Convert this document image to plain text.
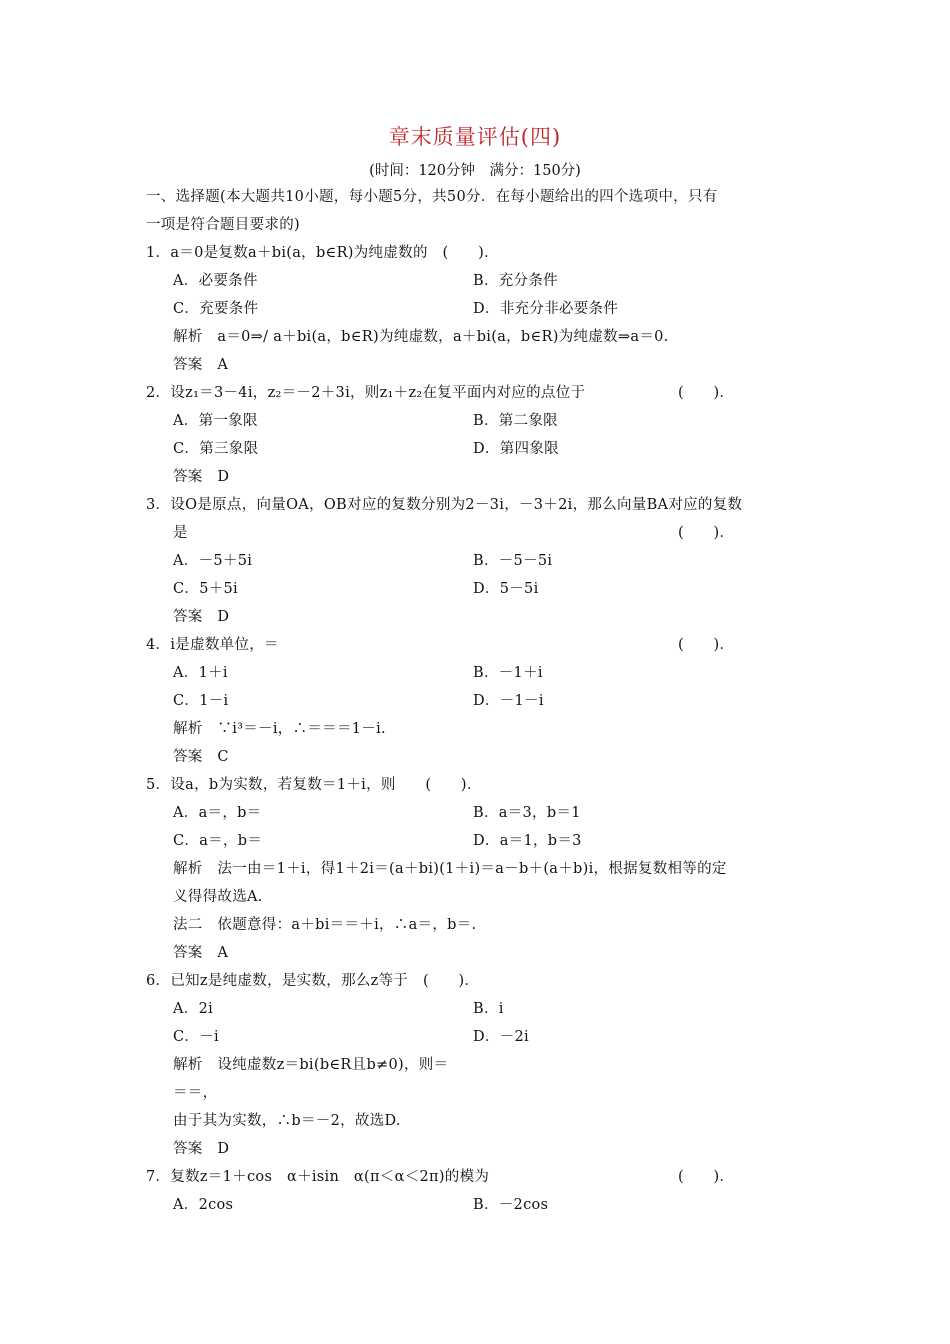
章末质量评估(四)
(时间：120分钟　满分：150分)
一、选择题(本大题共10小题，每小题5分，共50分．在每小题给出的四个选项中，只有
一项是符合题目要求的)
1．a＝0是复数a＋bi(a，b∈R)为纯虚数的　(　　)．
A．必要条件	B．充分条件
C．充要条件	D．非充分非必要条件
解析　a＝0⇒/ a＋bi(a，b∈R)为纯虚数，a＋bi(a，b∈R)为纯虚数⇒a＝0.
答案　A
2．设z₁＝3－4i，z₂＝－2＋3i，则z₁＋z₂在复平面内对应的点位于	(　　)．
A．第一象限	B．第二象限
C．第三象限	D．第四象限
答案　D
3．设O是原点，向量OA，OB对应的复数分别为2－3i，－3＋2i，那么向量BA对应的复数
是	(　　)．
A．－5＋5i	B．－5－5i
C．5＋5i	D．5－5i
答案　D
4．i是虚数单位，＝	(　　)．
A．1＋i	B．－1＋i
C．1－i	D．－1－i
解析　∵i³＝－i，∴＝＝＝1－i.
答案　C
5．设a，b为实数，若复数＝1＋i，则　　(　　)．
A．a＝，b＝	B．a＝3，b＝1
C．a＝，b＝	D．a＝1，b＝3
解析　法一由＝1＋i，得1＋2i＝(a＋bi)(1＋i)＝a－b＋(a＋b)i，根据复数相等的定
义得得故选A.
法二　依题意得：a＋bi＝＝＋i，∴a＝，b＝.
答案　A
6．已知z是纯虚数，是实数，那么z等于　(　　)．
A．2i	B．i
C．－i	D．－2i
解析　设纯虚数z＝bi(b∈R且b≠0)，则＝
＝＝，
由于其为实数，∴b＝－2，故选D.
答案　D
7．复数z＝1＋cos　α＋isin　α(π＜α＜2π)的模为	(　　)．
A．2cos	B．－2cos
